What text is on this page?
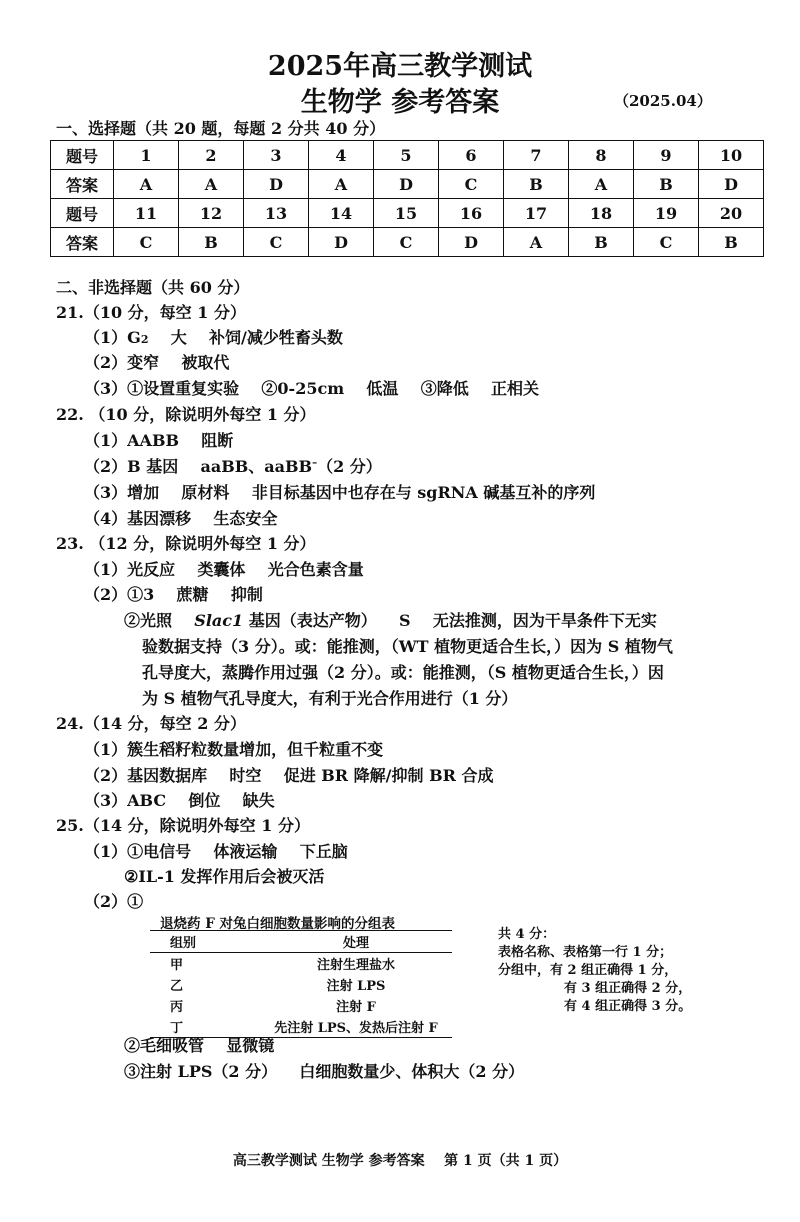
2025年高三教学测试
生物学 参考答案	（2025.04）
一、选择题（共 20 题，每题 2 分共 40 分）
题号	1	2	3	4	5	6	7	8	9	10
答案	A	A	D	A	D	C	B	A	B	D
题号	11	12	13	14	15	16	17	18	19	20
答案	C	B	C	D	C	D	A	B	C	B
二、非选择题（共 60 分）
21.（10 分，每空 1 分）
（1）G2    大    补饲/减少牲畜头数
（2）变窄    被取代
（3）①设置重复实验    ②0-25cm    低温    ③降低    正相关
22. （10 分，除说明外每空 1 分）
（1）AABB    阻断
（2）B 基因    aaBB、aaBB–（2 分）
（3）增加    原材料    非目标基因中也存在与 sgRNA 碱基互补的序列
（4）基因漂移    生态安全
23. （12 分，除说明外每空 1 分）
（1）光反应    类囊体    光合色素含量
（2）①3    蔗糖    抑制
②光照    Slac1 基因（表达产物）    S    无法推测，因为干旱条件下无实
验数据支持（3 分）。或：能推测，（WT 植物更适合生长，）因为 S 植物气
孔导度大，蒸腾作用过强（2 分）。或：能推测，（S 植物更适合生长，）因
为 S 植物气孔导度大，有利于光合作用进行（1 分）
24.（14 分，每空 2 分）
（1）簇生稻籽粒数量增加，但千粒重不变
（2）基因数据库    时空    促进 BR 降解/抑制 BR 合成
（3）ABC    倒位    缺失
25.（14 分，除说明外每空 1 分）
（1）①电信号    体液运输    下丘脑
②IL-1 发挥作用后会被灭活
（2）①
退烧药 F 对兔白细胞数量影响的分组表
组别	处理
甲	注射生理盐水
乙	注射 LPS
丙	注射 F
丁	先注射 LPS、发热后注射 F
共 4 分：
表格名称、表格第一行 1 分；
分组中，有 2 组正确得 1 分，
有 3 组正确得 2 分，
有 4 组正确得 3 分。
②毛细吸管    显微镜
③注射 LPS（2 分）    白细胞数量少、体积大（2 分）
高三教学测试 生物学 参考答案    第 1 页（共 1 页）
